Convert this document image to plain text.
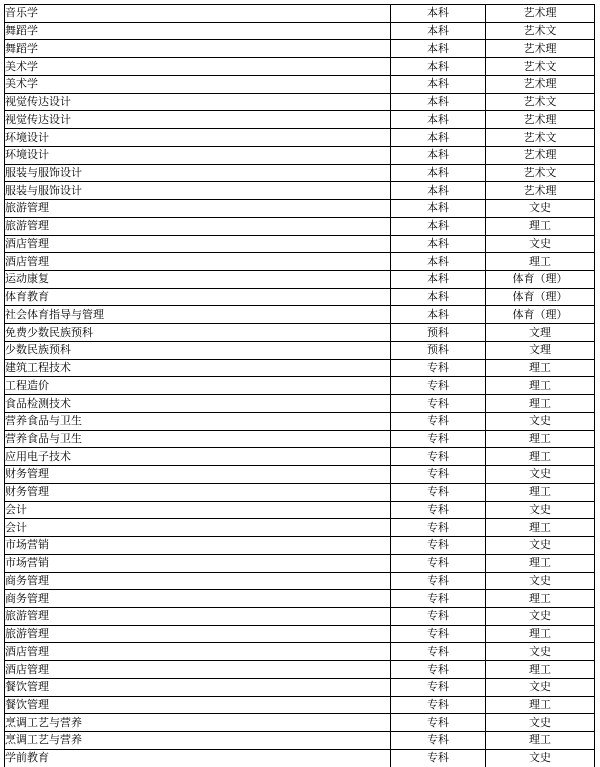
音乐学	本科	艺术理
舞蹈学	本科	艺术文
舞蹈学	本科	艺术理
美术学	本科	艺术文
美术学	本科	艺术理
视觉传达设计	本科	艺术文
视觉传达设计	本科	艺术理
环境设计	本科	艺术文
环境设计	本科	艺术理
服装与服饰设计	本科	艺术文
服装与服饰设计	本科	艺术理
旅游管理	本科	文史
旅游管理	本科	理工
酒店管理	本科	文史
酒店管理	本科	理工
运动康复	本科	体育（理）
体育教育	本科	体育（理）
社会体育指导与管理	本科	体育（理）
免费少数民族预科	预科	文理
少数民族预科	预科	文理
建筑工程技术	专科	理工
工程造价	专科	理工
食品检测技术	专科	理工
营养食品与卫生	专科	文史
营养食品与卫生	专科	理工
应用电子技术	专科	理工
财务管理	专科	文史
财务管理	专科	理工
会计	专科	文史
会计	专科	理工
市场营销	专科	文史
市场营销	专科	理工
商务管理	专科	文史
商务管理	专科	理工
旅游管理	专科	文史
旅游管理	专科	理工
酒店管理	专科	文史
酒店管理	专科	理工
餐饮管理	专科	文史
餐饮管理	专科	理工
烹调工艺与营养	专科	文史
烹调工艺与营养	专科	理工
学前教育	专科	文史
